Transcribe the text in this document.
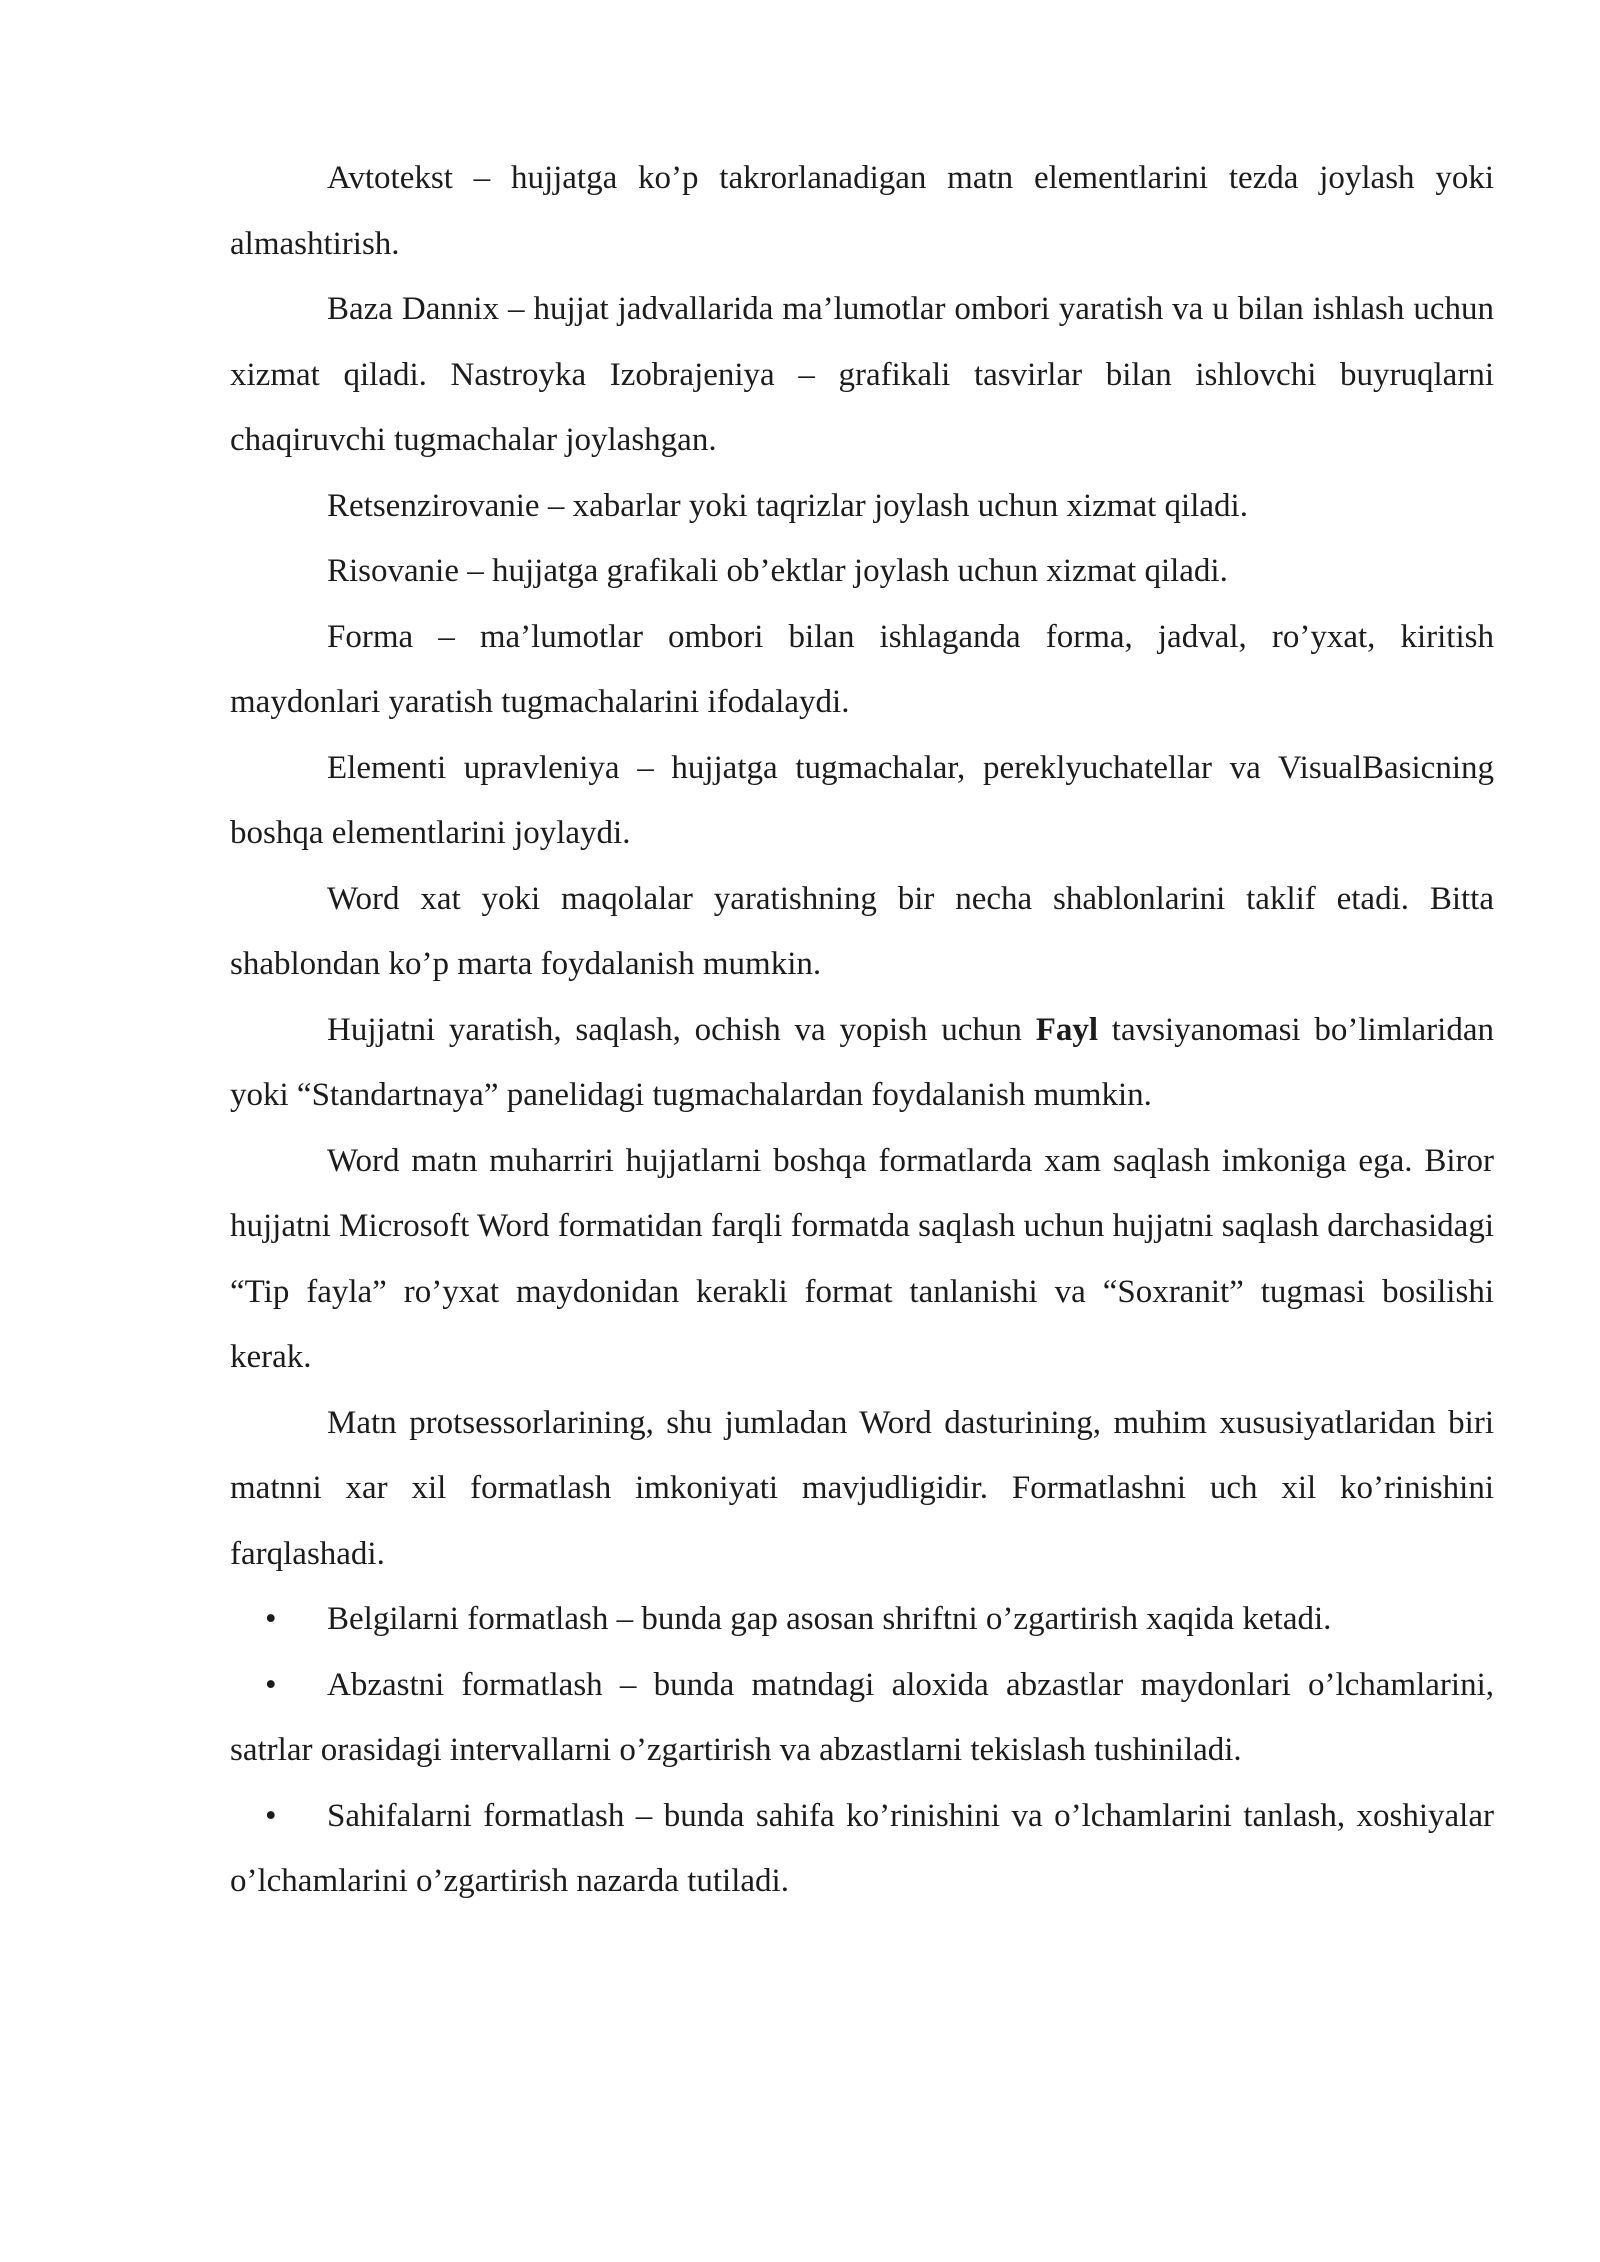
Avtotekst – hujjatga ko’p takrorlanadigan matn elementlarini tezda joylash yoki almashtirish.

Baza Dannix – hujjat jadvallarida ma’lumotlar ombori yaratish va u bilan ishlash uchun xizmat qiladi. Nastroyka Izobrajeniya – grafikali tasvirlar bilan ishlovchi buyruqlarni chaqiruvchi tugmachalar joylashgan.

Retsenzirovanie – xabarlar yoki taqrizlar joylash uchun xizmat qiladi.

Risovanie – hujjatga grafikali ob’ektlar joylash uchun xizmat qiladi.

Forma – ma’lumotlar ombori bilan ishlaganda forma, jadval, ro’yxat, kiritish maydonlari yaratish tugmachalarini ifodalaydi.

Elementi upravleniya – hujjatga tugmachalar, pereklyuchatellar va VisualBasicning boshqa elementlarini joylaydi.

Word xat yoki maqolalar yaratishning bir necha shablonlarini taklif etadi. Bitta shablondan ko’p marta foydalanish mumkin.

Hujjatni yaratish, saqlash, ochish va yopish uchun Fayl tavsiyanomasi bo’limlaridan yoki “Standartnaya” panelidagi tugmachalardan foydalanish mumkin.

Word matn muharriri hujjatlarni boshqa formatlarda xam saqlash imkoniga ega. Biror hujjatni Microsoft Word formatidan farqli formatda saqlash uchun hujjatni saqlash darchasidagi “Tip fayla” ro’yxat maydonidan kerakli format tanlanishi va “Soxranit” tugmasi bosilishi kerak.

Matn protsessorlarining, shu jumladan Word dasturining, muhim xususiyatlaridan biri matnni xar xil formatlash imkoniyati mavjudligidir. Formatlashni uch xil ko’rinishini farqlashadi.

• Belgilarni formatlash – bunda gap asosan shriftni o’zgartirish xaqida ketadi.
• Abzastni formatlash – bunda matndagi aloxida abzastlar maydonlari o’lchamlarini, satrlar orasidagi intervallarni o’zgartirish va abzastlarni tekislash tushiniladi.
• Sahifalarni formatlash – bunda sahifa ko’rinishini va o’lchamlarini tanlash, xoshiyalar o’lchamlarini o’zgartirish nazarda tutiladi.
